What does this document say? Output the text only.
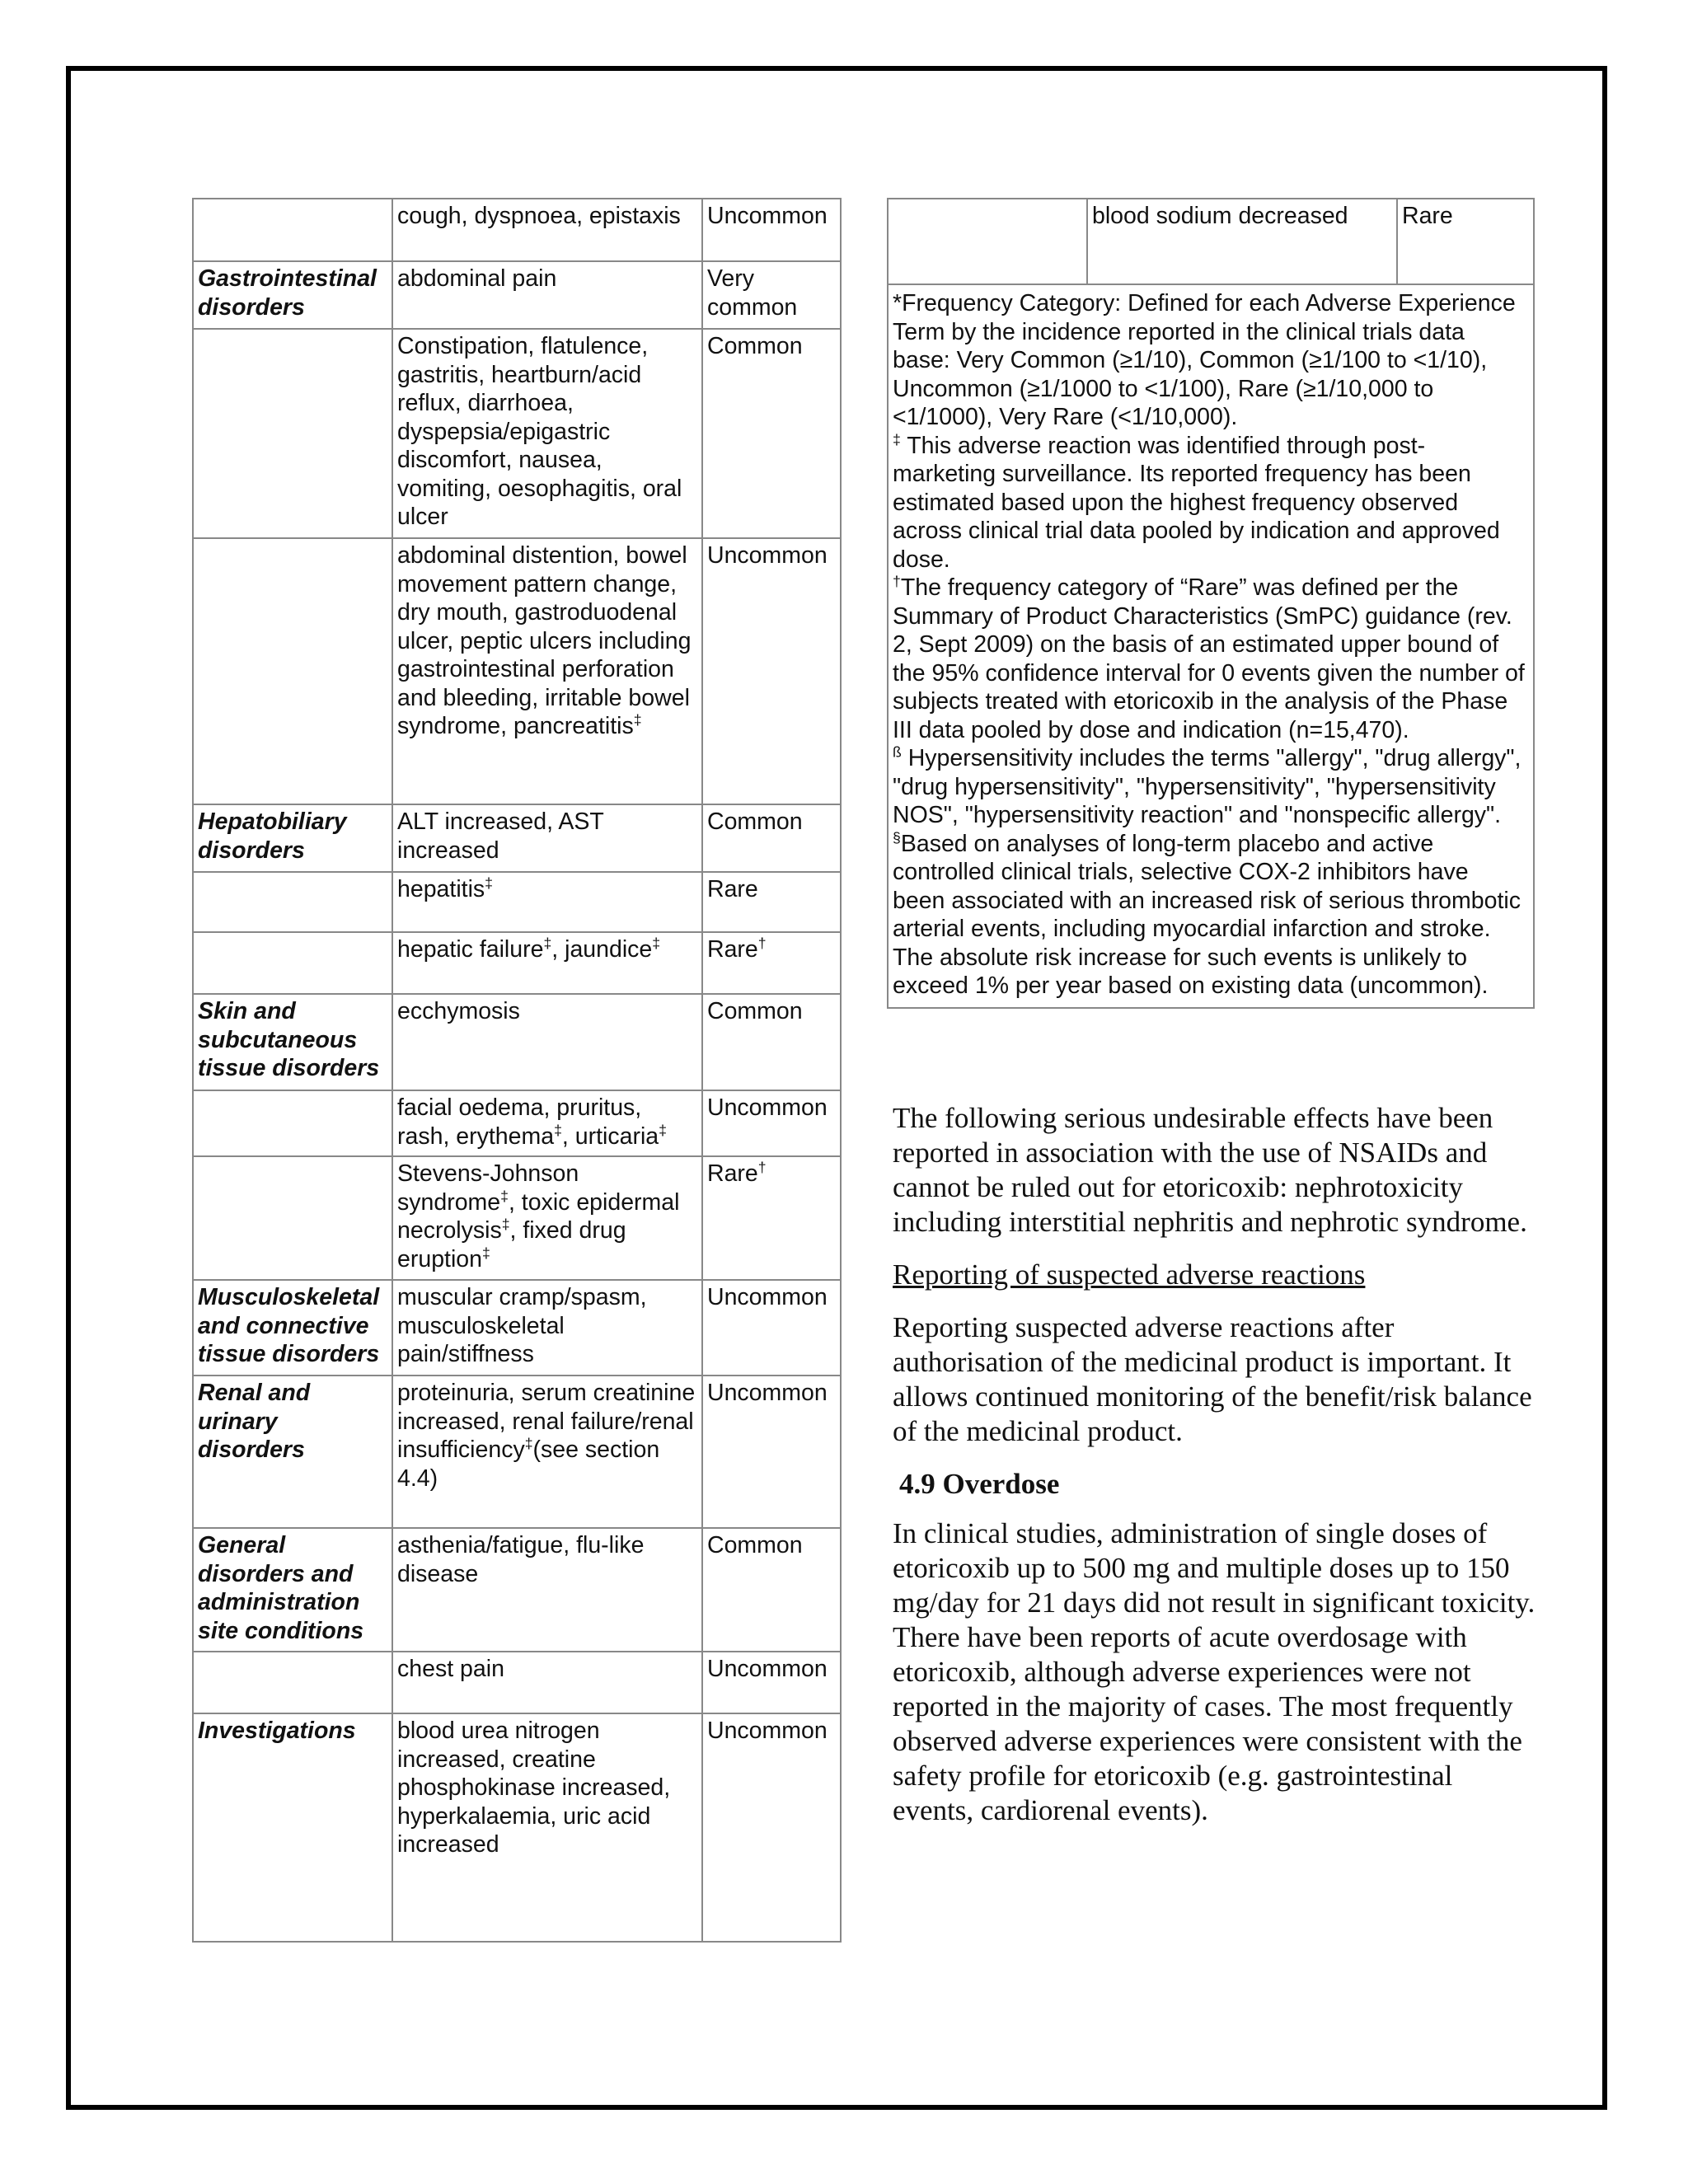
	cough, dyspnoea, epistaxis	Uncommon
Gastrointestinal disorders	abdominal pain	Very common
	Constipation, flatulence, gastritis, heartburn/acid reflux, diarrhoea, dyspepsia/epigastric discomfort, nausea, vomiting, oesophagitis, oral ulcer	Common
	abdominal distention, bowel movement pattern change, dry mouth, gastroduodenal ulcer, peptic ulcers including gastrointestinal perforation and bleeding, irritable bowel syndrome, pancreatitis‡	Uncommon
Hepatobiliary disorders	ALT increased, AST increased	Common
	hepatitis‡	Rare
	hepatic failure‡, jaundice‡	Rare†
Skin and subcutaneous tissue disorders	ecchymosis	Common
	facial oedema, pruritus, rash, erythema‡, urticaria‡	Uncommon
	Stevens-Johnson syndrome‡, toxic epidermal necrolysis‡, fixed drug eruption‡	Rare†
Musculoskeletal and connective tissue disorders	muscular cramp/spasm, musculoskeletal pain/stiffness	Uncommon
Renal and urinary disorders	proteinuria, serum creatinine increased, renal failure/renal insufficiency‡(see section 4.4)	Uncommon
General disorders and administration site conditions	asthenia/fatigue, flu-like disease	Common
	chest pain	Uncommon
Investigations	blood urea nitrogen increased, creatine phosphokinase increased, hyperkalaemia, uric acid increased	Uncommon
	blood sodium decreased	Rare

*Frequency Category: Defined for each Adverse Experience Term by the incidence reported in the clinical trials data base: Very Common (≥1/10), Common (≥1/100 to <1/10), Uncommon (≥1/1000 to <1/100), Rare (≥1/10,000 to <1/1000), Very Rare (<1/10,000).

‡ This adverse reaction was identified through post-marketing surveillance. Its reported frequency has been estimated based upon the highest frequency observed across clinical trial data pooled by indication and approved dose.

†The frequency category of “Rare” was defined per the Summary of Product Characteristics (SmPC) guidance (rev. 2, Sept 2009) on the basis of an estimated upper bound of the 95% confidence interval for 0 events given the number of subjects treated with etoricoxib in the analysis of the Phase III data pooled by dose and indication (n=15,470).

$^ß$ Hypersensitivity includes the terms "allergy", "drug allergy", "drug hypersensitivity", "hypersensitivity", "hypersensitivity NOS", "hypersensitivity reaction" and "nonspecific allergy".

§Based on analyses of long-term placebo and active controlled clinical trials, selective COX-2 inhibitors have been associated with an increased risk of serious thrombotic arterial events, including myocardial infarction and stroke. The absolute risk increase for such events is unlikely to exceed 1% per year based on existing data (uncommon).

The following serious undesirable effects have been reported in association with the use of NSAIDs and cannot be ruled out for etoricoxib: nephrotoxicity including interstitial nephritis and nephrotic syndrome.

Reporting of suspected adverse reactions

Reporting suspected adverse reactions after authorisation of the medicinal product is important. It allows continued monitoring of the benefit/risk balance of the medicinal product.

4.9 Overdose

In clinical studies, administration of single doses of etoricoxib up to 500 mg and multiple doses up to 150 mg/day for 21 days did not result in significant toxicity. There have been reports of acute overdosage with etoricoxib, although adverse experiences were not reported in the majority of cases. The most frequently observed adverse experiences were consistent with the safety profile for etoricoxib (e.g. gastrointestinal events, cardiorenal events).
